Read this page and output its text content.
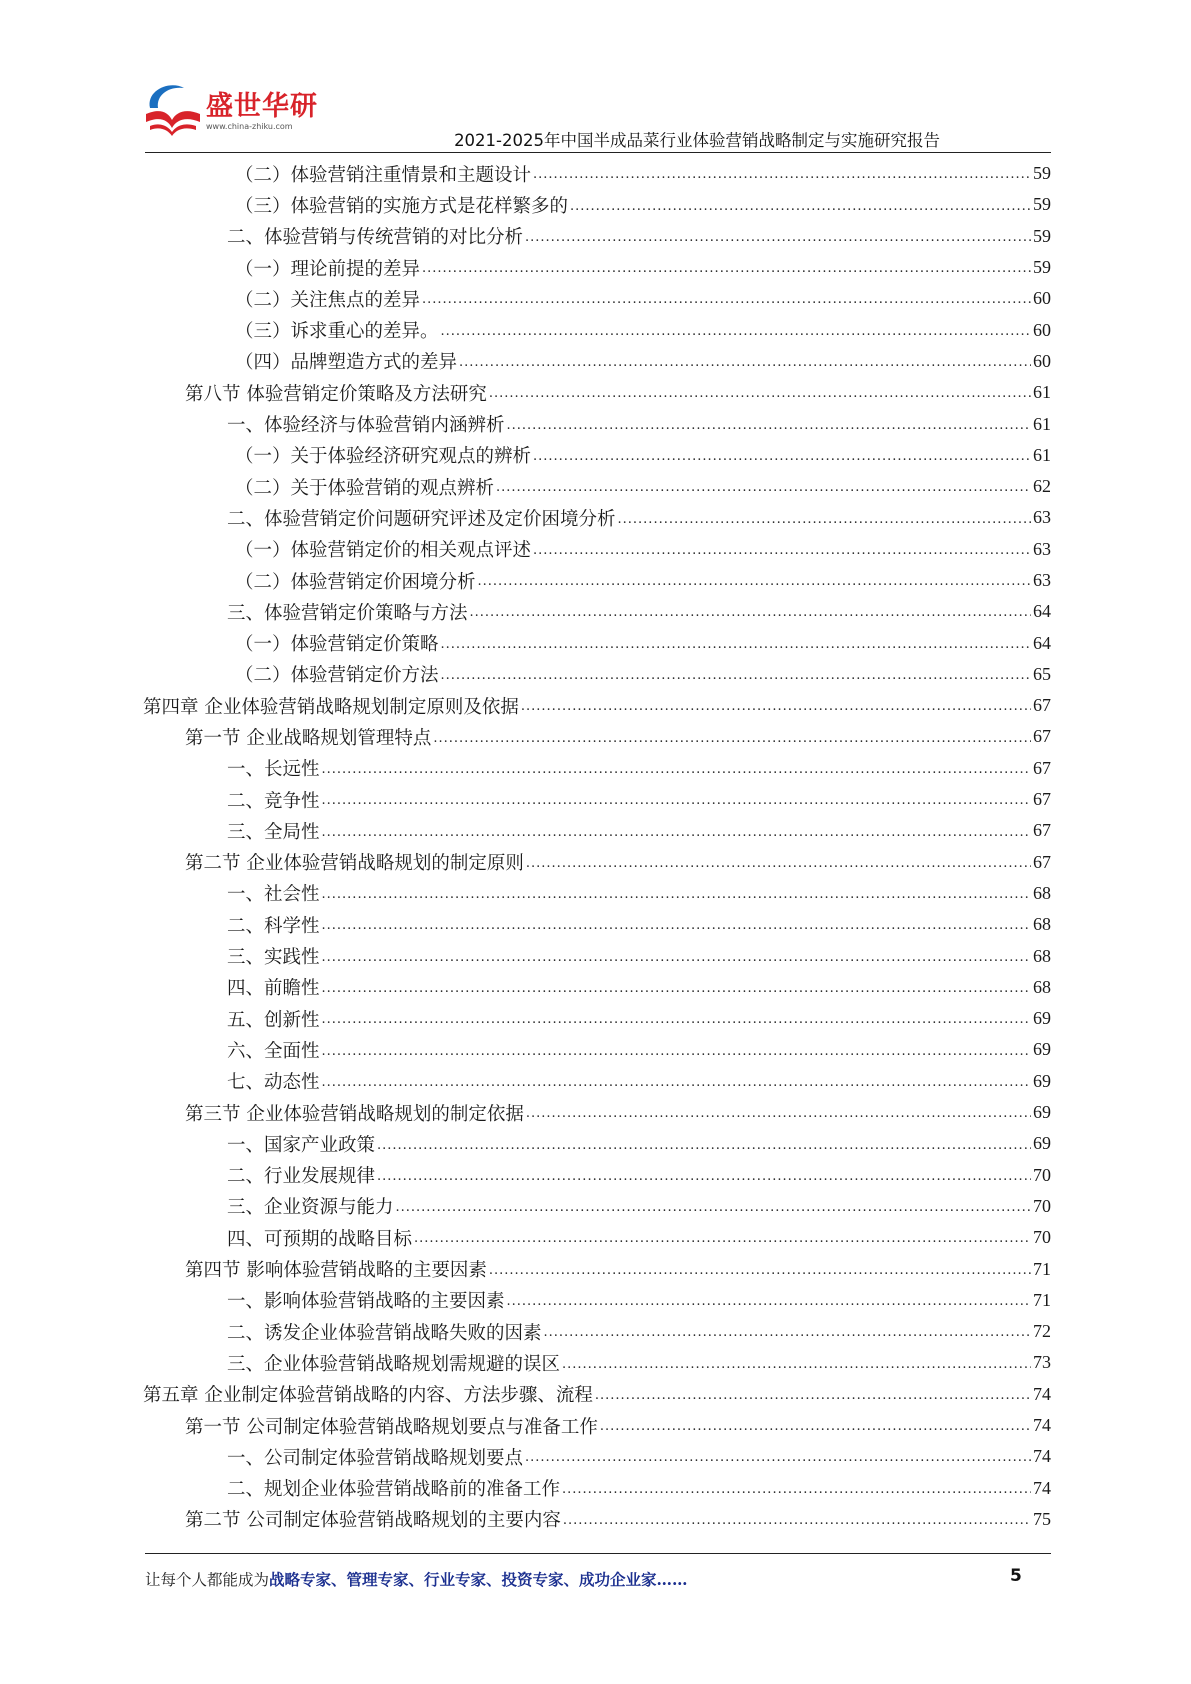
盛世华研
www.china-zhiku.com
2021-2025年中国半成品菜行业体验营销战略制定与实施研究报告
（二）体验营销注重情景和主题设计 .....	59
（三）体验营销的实施方式是花样繁多的 .....	59
二、体验营销与传统营销的对比分析 .....	59
（一）理论前提的差异 .....	59
（二）关注焦点的差异 .....	60
（三）诉求重心的差异。 .....	60
（四）品牌塑造方式的差异 .....	60
第八节 体验营销定价策略及方法研究 .....	61
一、体验经济与体验营销内涵辨析 .....	61
（一）关于体验经济研究观点的辨析 .....	61
（二）关于体验营销的观点辨析 .....	62
二、体验营销定价问题研究评述及定价困境分析 .....	63
（一）体验营销定价的相关观点评述 .....	63
（二）体验营销定价困境分析 .....	63
三、体验营销定价策略与方法 .....	64
（一）体验营销定价策略 .....	64
（二）体验营销定价方法 .....	65
第四章 企业体验营销战略规划制定原则及依据 .....	67
第一节 企业战略规划管理特点 .....	67
一、长远性 .....	67
二、竞争性 .....	67
三、全局性 .....	67
第二节 企业体验营销战略规划的制定原则 .....	67
一、社会性 .....	68
二、科学性 .....	68
三、实践性 .....	68
四、前瞻性 .....	68
五、创新性 .....	69
六、全面性 .....	69
七、动态性 .....	69
第三节 企业体验营销战略规划的制定依据 .....	69
一、国家产业政策 .....	69
二、行业发展规律 .....	70
三、企业资源与能力 .....	70
四、可预期的战略目标 .....	70
第四节 影响体验营销战略的主要因素 .....	71
一、影响体验营销战略的主要因素 .....	71
二、诱发企业体验营销战略失败的因素 .....	72
三、企业体验营销战略规划需规避的误区 .....	73
第五章 企业制定体验营销战略的内容、方法步骤、流程 .....	74
第一节 公司制定体验营销战略规划要点与准备工作 .....	74
一、公司制定体验营销战略规划要点 .....	74
二、规划企业体验营销战略前的准备工作 .....	74
第二节 公司制定体验营销战略规划的主要内容 .....	75
让每个人都能成为战略专家、管理专家、行业专家、投资专家、成功企业家……	5
